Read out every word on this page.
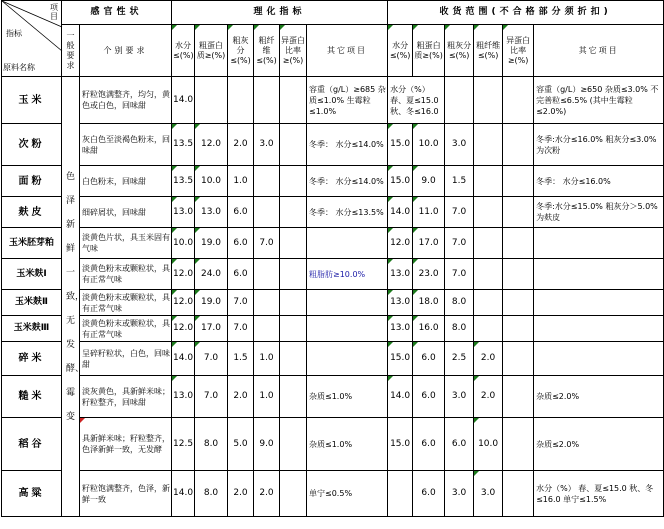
项目
指标
原料名称	感官性状		理化指标						收货范围(不合格部分须折扣)					
	一般要求	个别要求	水分≤(%)	粗蛋白质≥(%)	粗灰分≤(%)	粗纤维≤(%)	异蛋白比率≥(%)	其它项目	水分≤(%)	粗蛋白质≥(%)	粗灰分≤(%)	粗纤维≤(%)	异蛋白比率≥(%)	其它项目
玉米	色泽新鲜一致，无发酵、霉变	籽粒饱满整齐，均匀，黄色或白色，回味甜	14.0					容重（g/L）≥685 杂质≤1.0% 生霉粒≤1.0%	水分（%） 春、夏≤15.0 秋、冬≤16.0					容重（g/L）≥650 杂质≤3.0% 不完善粒≤6.5% (其中生霉粒≤2.0%)
次粉		灰白色至淡褐色粉末，回味甜	13.5	12.0	2.0	3.0		冬季： 水分≤14.0%	15.0	10.0	3.0			冬季:水分≤16.0% 粗灰分≤3.0%为次粉
面粉		白色粉末，回味甜	13.5	10.0	1.0			冬季： 水分≤14.0%	15.0	9.0	1.5			冬季： 水分≤16.0%
麸皮		细碎屑状，回味甜	13.0	13.0	6.0			冬季： 水分≤13.5%	14.0	11.0	7.0			冬季:水分≤15.0% 粗灰分＞5.0%为麸皮
玉米胚芽粕		淡黄色片状，具玉米固有气味	10.0	19.0	6.0	7.0			12.0	17.0	7.0			
玉米麸Ⅰ		淡黄色粉末或颗粒状，具有正常气味	12.0	24.0	6.0			粗脂肪≥10.0%	13.0	23.0	7.0			
玉米麸Ⅱ		淡黄色粉末或颗粒状，具有正常气味	12.0	19.0	7.0				13.0	18.0	8.0			
玉米麸Ⅲ		淡黄色粉末或颗粒状，具有正常气味	12.0	17.0	7.0				13.0	16.0	8.0			
碎米		呈碎籽粒状，白色，回味甜	14.0	7.0	1.5	1.0			15.0	6.0	2.5	2.0		
糙米		淡灰黄色，具新鲜米味；籽粒整齐，回味甜	13.0	7.0	2.0	1.0		杂质≤1.0%	14.0	6.0	3.0	2.0		杂质≤2.0%
稻谷		具新鲜米味；籽粒整齐，色泽新鲜一致，无发酵	12.5	8.0	5.0	9.0		杂质≤1.0%	15.0	6.0	6.0	10.0		杂质≤2.0%
高粱		籽粒饱满整齐，色泽，新鲜一致	14.0	8.0	2.0	2.0		单宁≤0.5%		6.0	3.0	3.0		水分（%） 春、夏≤15.0 秋、冬≤16.0 单宁≤1.5%
